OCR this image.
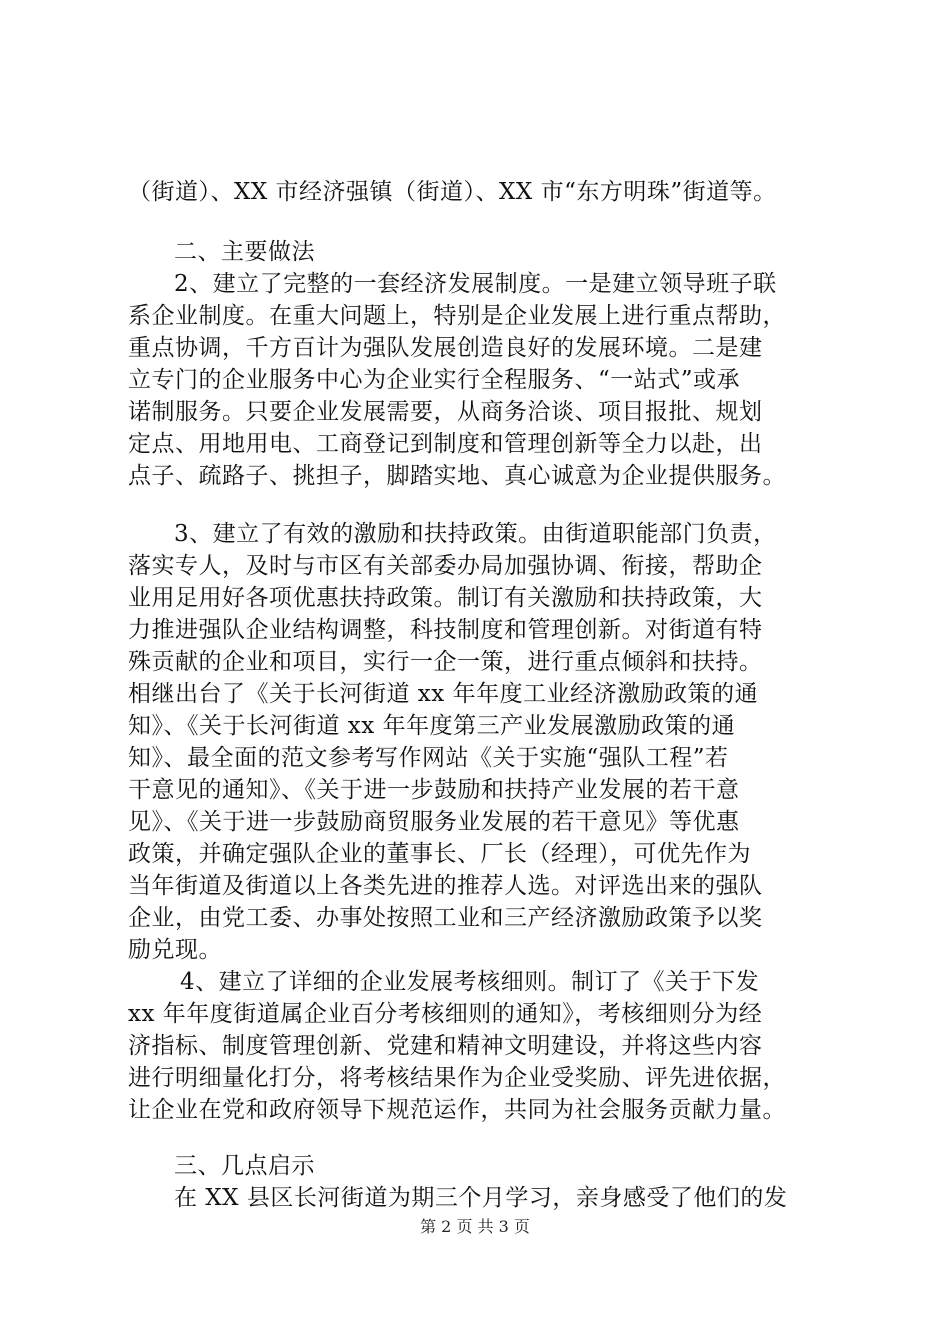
（街道）、XX 市经济强镇（街道）、XX 市“东方明珠”街道等。
二、主要做法
2、建立了完整的一套经济发展制度。一是建立领导班子联
系企业制度。在重大问题上，特别是企业发展上进行重点帮助，
重点协调，千方百计为强队发展创造良好的发展环境。二是建
立专门的企业服务中心为企业实行全程服务、“一站式”或承
诺制服务。只要企业发展需要，从商务洽谈、项目报批、规划
定点、用地用电、工商登记到制度和管理创新等全力以赴，出
点子、疏路子、挑担子，脚踏实地、真心诚意为企业提供服务。
3、建立了有效的激励和扶持政策。由街道职能部门负责，
落实专人，及时与市区有关部委办局加强协调、衔接，帮助企
业用足用好各项优惠扶持政策。制订有关激励和扶持政策，大
力推进强队企业结构调整，科技制度和管理创新。对街道有特
殊贡献的企业和项目，实行一企一策，进行重点倾斜和扶持。
相继出台了《关于长河街道 xx 年年度工业经济激励政策的通
知》、《关于长河街道 xx 年年度第三产业发展激励政策的通
知》、最全面的范文参考写作网站《关于实施“强队工程”若
干意见的通知》、《关于进一步鼓励和扶持产业发展的若干意
见》、《关于进一步鼓励商贸服务业发展的若干意见》等优惠
政策，并确定强队企业的董事长、厂长（经理），可优先作为
当年街道及街道以上各类先进的推荐人选。对评选出来的强队
企业，由党工委、办事处按照工业和三产经济激励政策予以奖
励兑现。
4、建立了详细的企业发展考核细则。制订了《关于下发
xx 年年度街道属企业百分考核细则的通知》，考核细则分为经
济指标、制度管理创新、党建和精神文明建设，并将这些内容
进行明细量化打分，将考核结果作为企业受奖励、评先进依据，
让企业在党和政府领导下规范运作，共同为社会服务贡献力量。
三、几点启示
在 XX 县区长河街道为期三个月学习，亲身感受了他们的发
第 2 页 共 3 页
